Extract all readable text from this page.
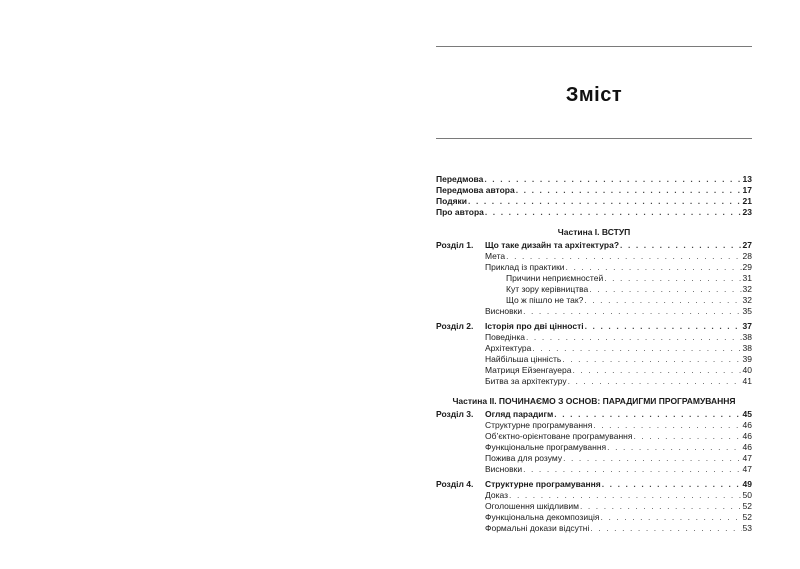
Зміст
Передмова . . .	13
Передмова автора . . .	17
Подяки . . .	21
Про автора . . .	23
Частина I. ВСТУП
Розділ 1.	Що таке дизайн та архітектура? . . .	27
Мета . . .	28
Приклад із практики . . .	29
Причини неприємностей . . .	31
Кут зору керівництва . . .	32
Що ж пішло не так? . . .	32
Висновки . . .	35
Розділ 2.	Історія про дві цінності . . .	37
Поведінка . . .	38
Архітектура . . .	38
Найбільша цінність . . .	39
Матриця Ейзенгауера . . .	40
Битва за архітектуру . . .	41
Частина II. ПОЧИНАЄМО З ОСНОВ: ПАРАДИГМИ ПРОГРАМУВАННЯ
Розділ 3.	Огляд парадигм . . .	45
Структурне програмування . . .	46
Об’єктно-орієнтоване програмування . . .	46
Функціональне програмування . . .	46
Пожива для розуму . . .	47
Висновки . . .	47
Розділ 4.	Структурне програмування . . .	49
Доказ . . .	50
Оголошення шкідливим . . .	52
Функціональна декомпозиція . . .	52
Формальні докази відсутні . . .	53
